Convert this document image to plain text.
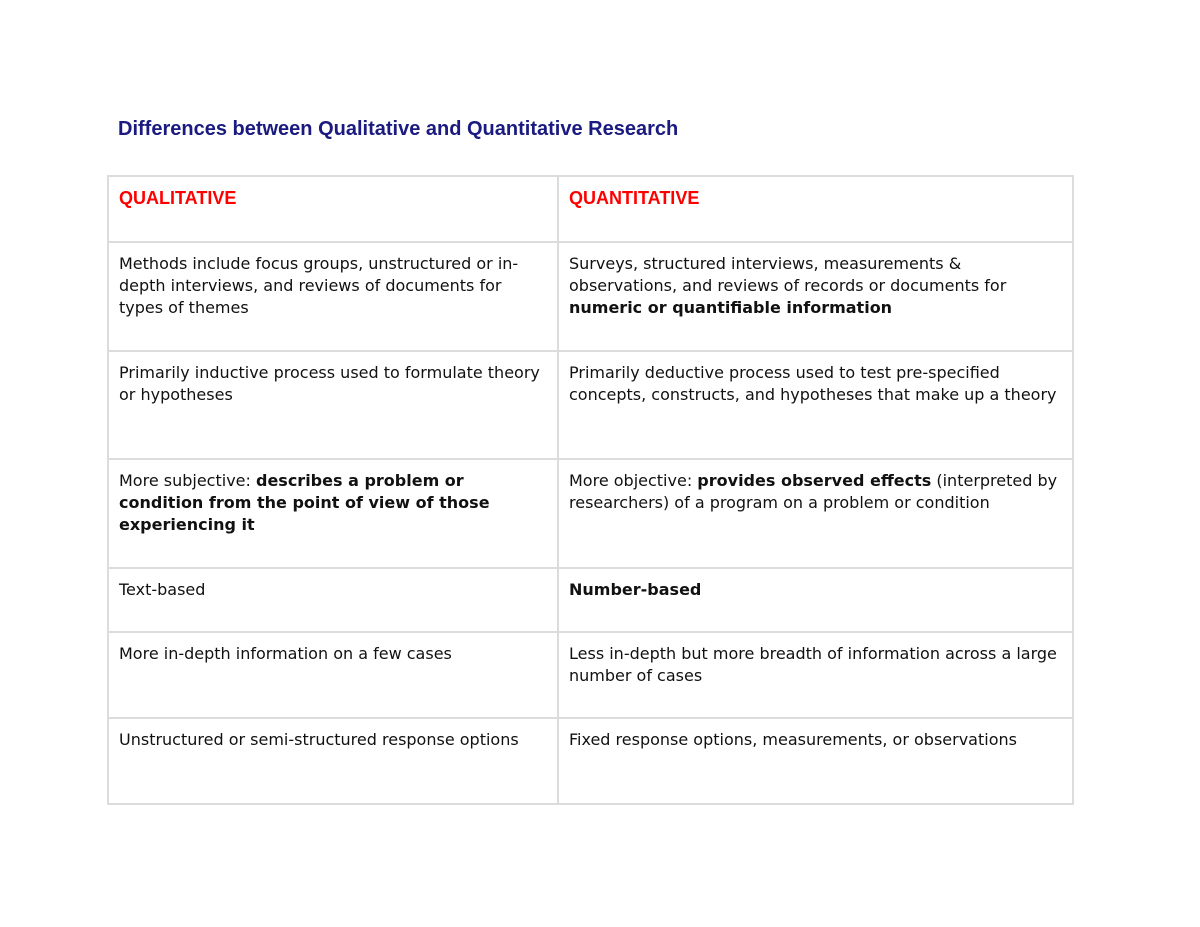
Differences between Qualitative and Quantitative Research
QUALITATIVE	QUANTITATIVE
Methods include focus groups, unstructured or in-depth interviews, and reviews of documents for types of themes	Surveys, structured interviews, measurements & observations, and reviews of records or documents for numeric or quantifiable information
Primarily inductive process used to formulate theory or hypotheses	Primarily deductive process used to test pre-specified concepts, constructs, and hypotheses that make up a theory
More subjective: describes a problem or condition from the point of view of those experiencing it	More objective: provides observed effects (interpreted by researchers) of a program on a problem or condition
Text-based	Number-based
More in-depth information on a few cases	Less in-depth but more breadth of information across a large number of cases
Unstructured or semi-structured response options	Fixed response options, measurements, or observations
